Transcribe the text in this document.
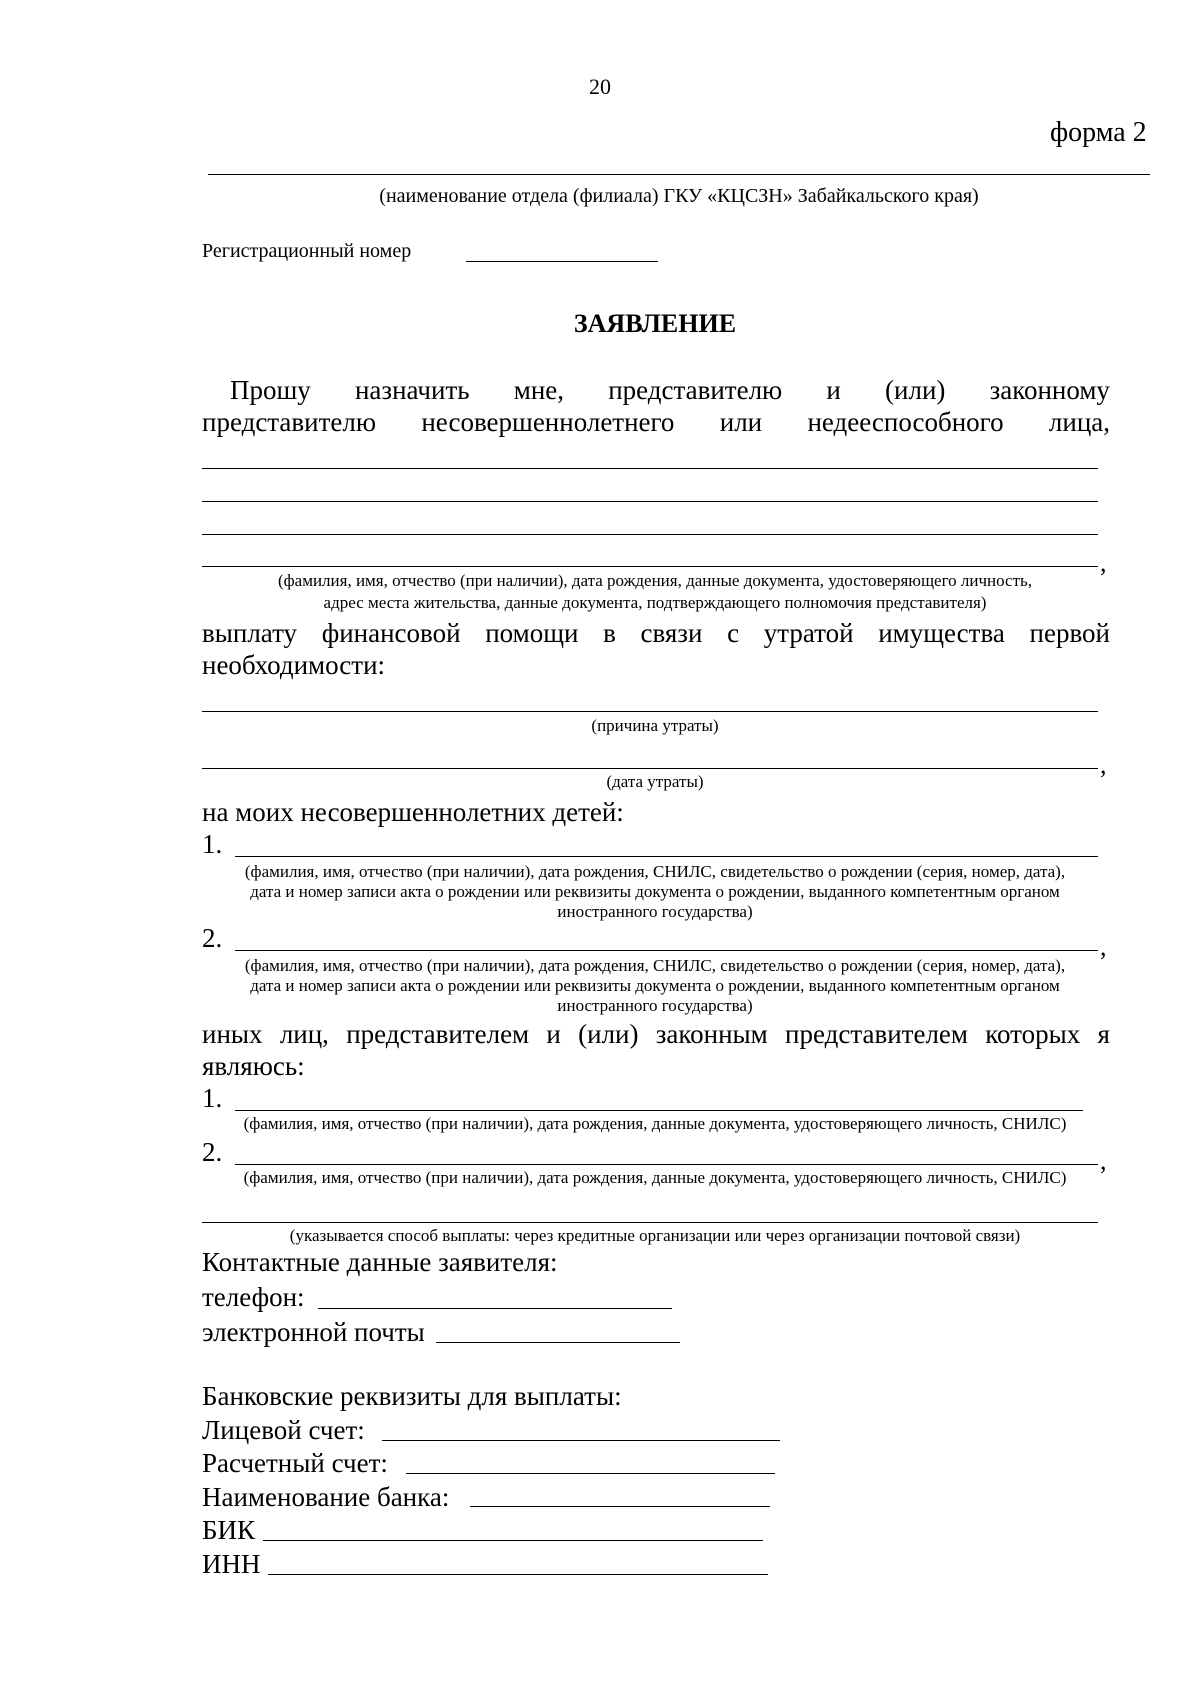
20
форма 2
(наименование отдела (филиала) ГКУ «КЦСЗН» Забайкальского края)
Регистрационный номер
ЗАЯВЛЕНИЕ
Прошу назначить мне, представителю и (или) законному
представителю несовершеннолетнего или недееспособного лица,
,
(фамилия, имя, отчество (при наличии), дата рождения, данные документа, удостоверяющего личность,
адрес места жительства, данные документа, подтверждающего полномочия представителя)
выплату финансовой помощи в связи с утратой имущества первой
необходимости:
(причина утраты)
,
(дата утраты)
на моих несовершеннолетних детей:
1.
(фамилия, имя, отчество (при наличии), дата рождения, СНИЛС, свидетельство о рождении (серия, номер, дата),
дата и номер записи акта о рождении или реквизиты документа о рождении, выданного компетентным органом
иностранного государства)
2.	,
(фамилия, имя, отчество (при наличии), дата рождения, СНИЛС, свидетельство о рождении (серия, номер, дата),
дата и номер записи акта о рождении или реквизиты документа о рождении, выданного компетентным органом
иностранного государства)
иных лиц, представителем и (или) законным представителем которых я
являюсь:
1.
(фамилия, имя, отчество (при наличии), дата рождения, данные документа, удостоверяющего личность, СНИЛС)
2.	,
(фамилия, имя, отчество (при наличии), дата рождения, данные документа, удостоверяющего личность, СНИЛС)
(указывается способ выплаты: через кредитные организации или через организации почтовой связи)
Контактные данные заявителя:
телефон:
электронной почты
Банковские реквизиты для выплаты:
Лицевой счет:
Расчетный счет:
Наименование банка:
БИК
ИНН
